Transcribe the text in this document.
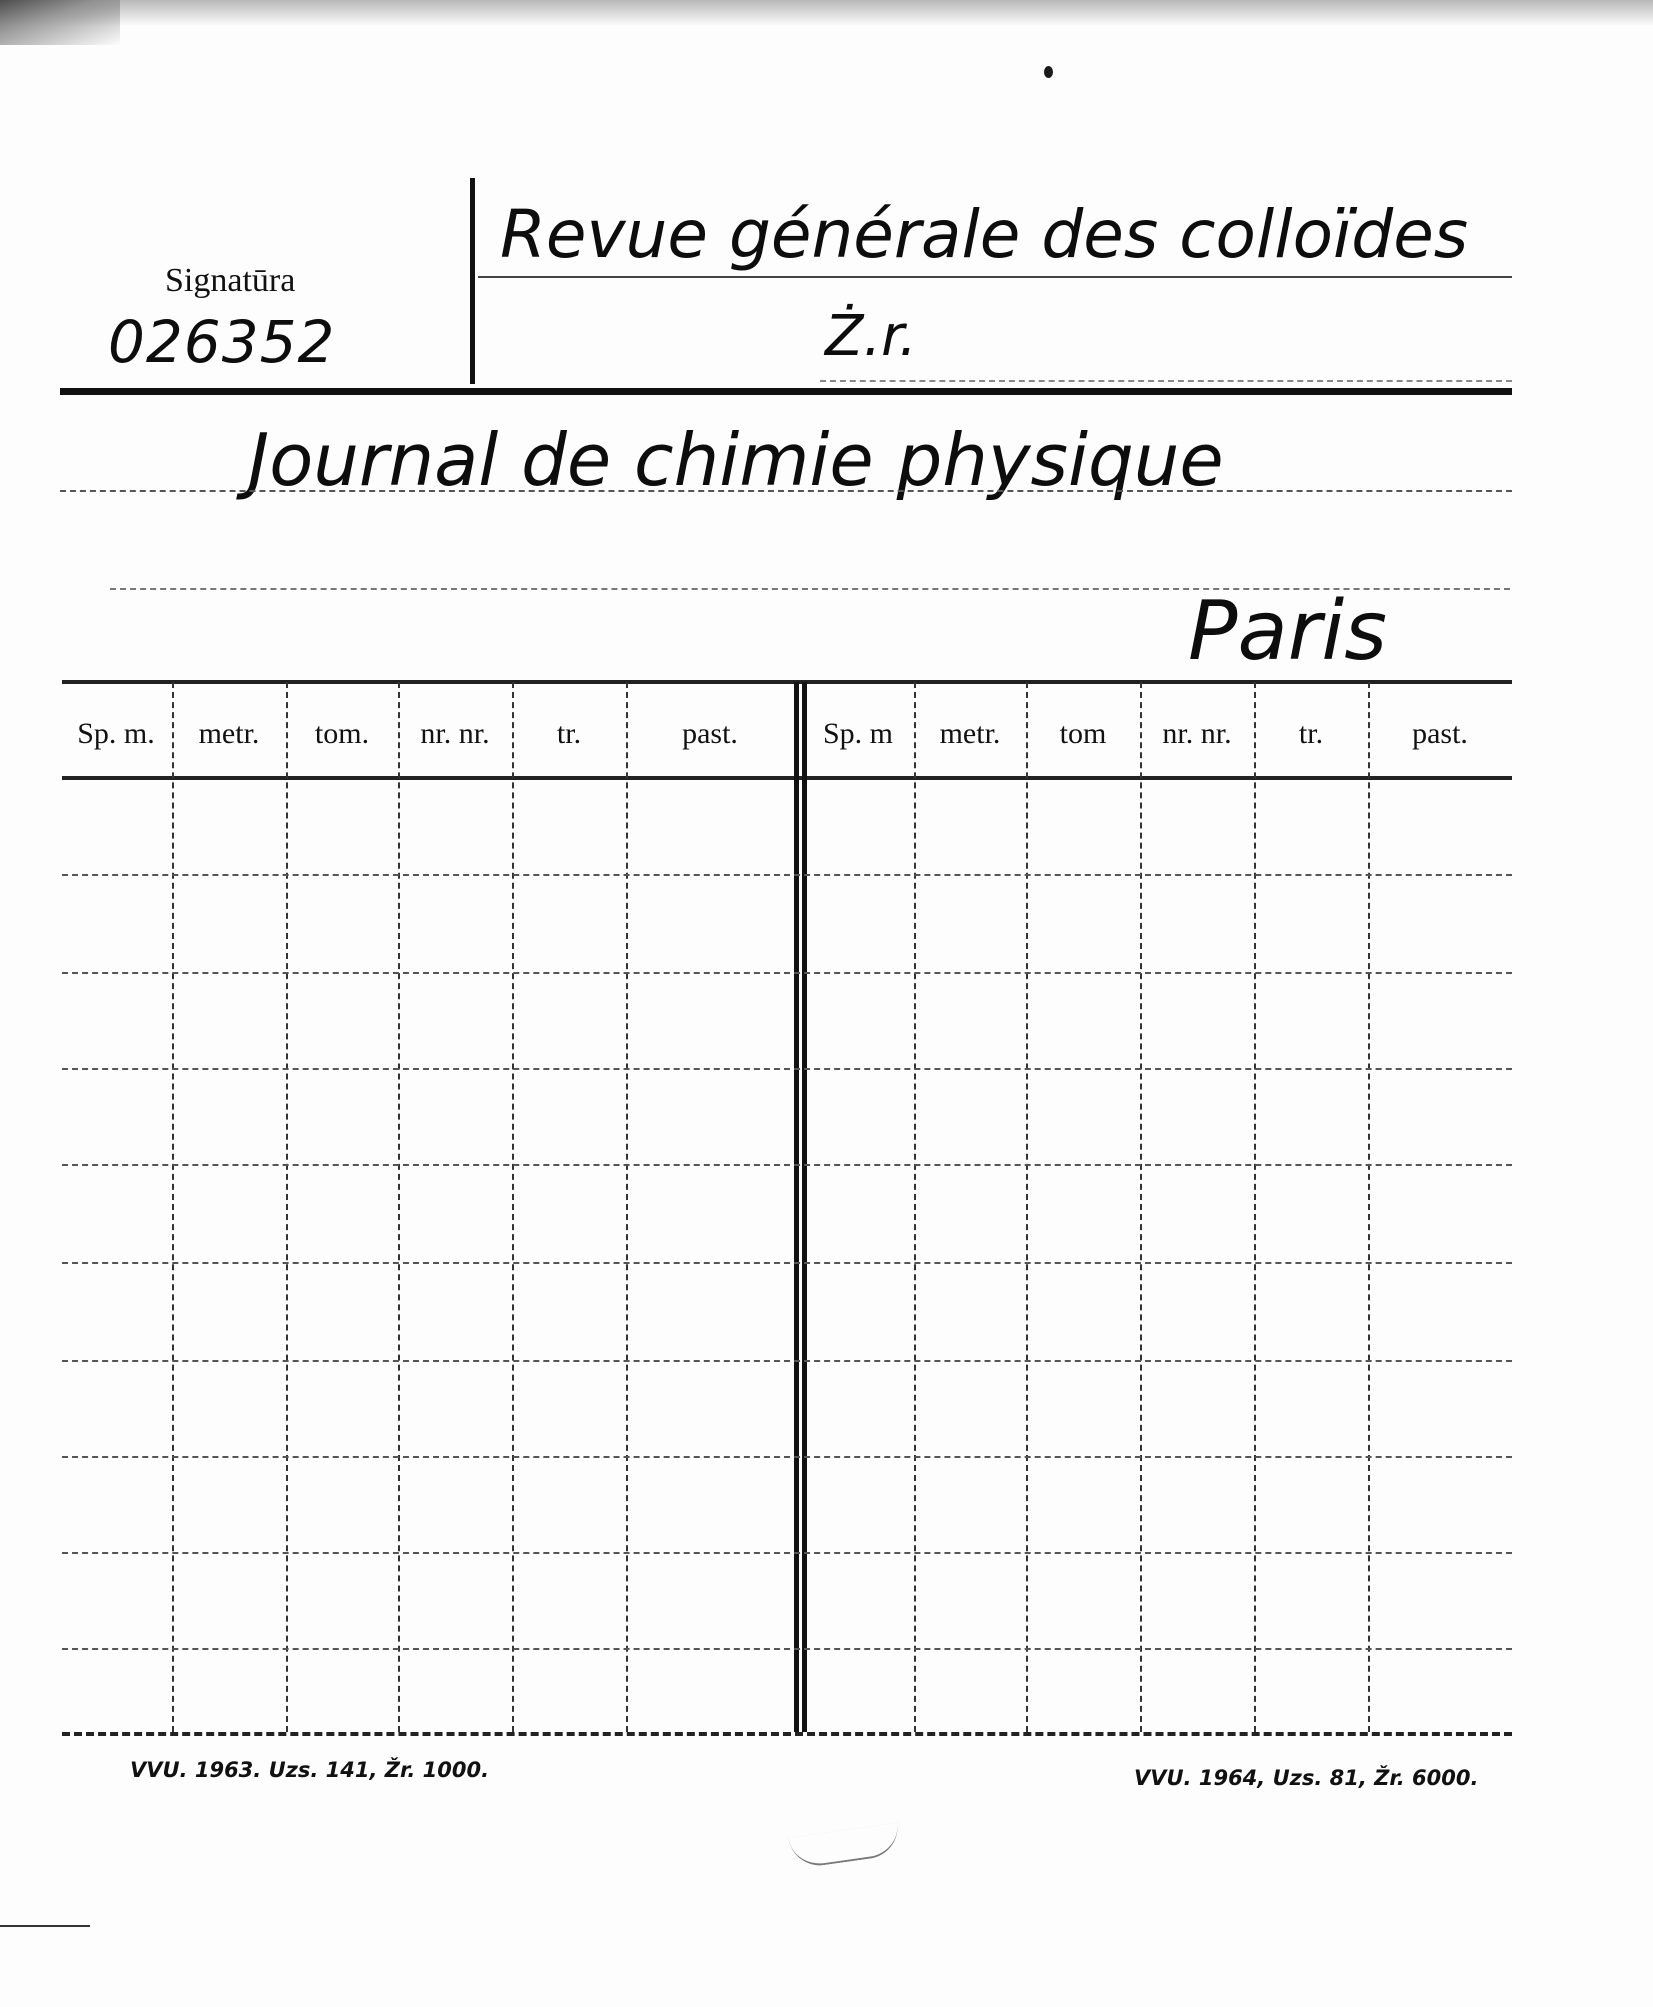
Signatūra
026352
Revue générale des colloïdes
Ż.r.
Journal de chimie physique
Paris
Sp. m.	metr.	tom.	nr. nr.	tr.	past.	Sp. m	metr.	tom	nr. nr.	tr.	past.
VVU. 1963. Uzs. 141, Žr. 1000.	VVU. 1964, Uzs. 81, Žr. 6000.
